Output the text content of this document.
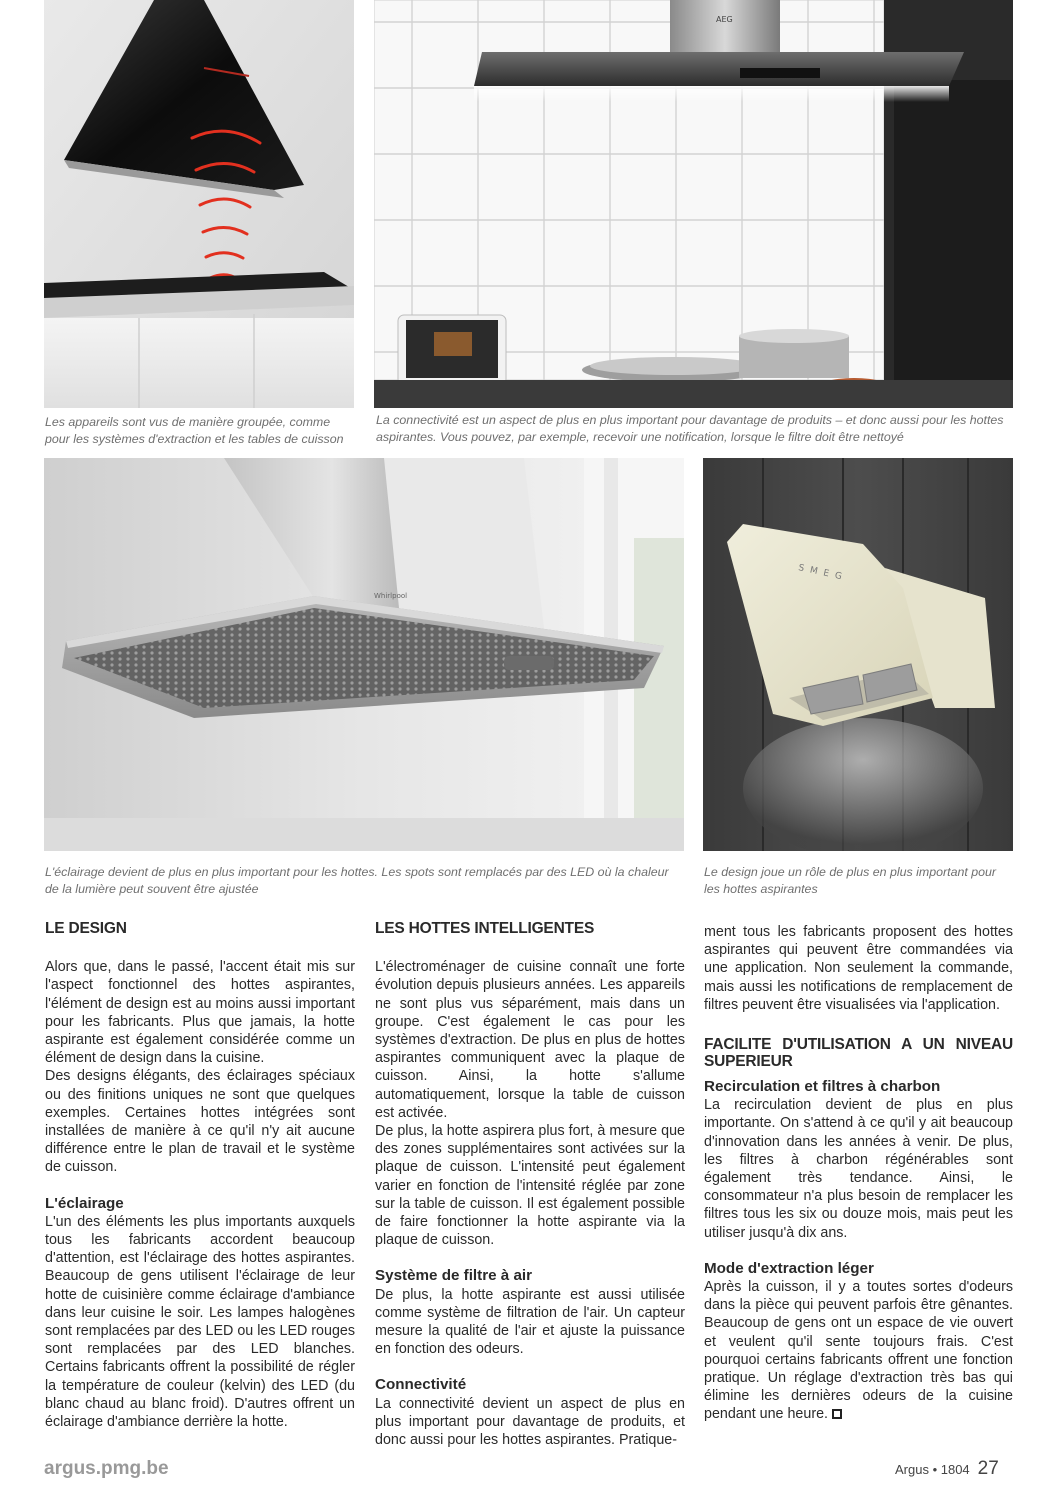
AEG

Les appareils sont vus de manière groupée, comme pour les systèmes d'extraction et les tables de cuisson

La connectivité est un aspect de plus en plus important pour davantage de produits – et donc aussi pour les hottes aspirantes. Vous pouvez, par exemple, recevoir une notification, lorsque le filtre doit être nettoyé

Whirlpool
SMEG

L'éclairage devient de plus en plus important pour les hottes. Les spots sont remplacés par des LED où la chaleur de la lumière peut souvent être ajustée

Le design joue un rôle de plus en plus important pour les hottes aspirantes

LE DESIGN

Alors que, dans le passé, l'accent était mis sur l'aspect fonctionnel des hottes aspirantes, l'élément de design est au moins aussi important pour les fabricants. Plus que jamais, la hotte aspirante est également considérée comme un élément de design dans la cuisine.

Des designs élégants, des éclairages spéciaux ou des finitions uniques ne sont que quelques exemples. Certaines hottes intégrées sont installées de manière à ce qu'il n'y ait aucune différence entre le plan de travail et le système de cuisson.

L'éclairage

L'un des éléments les plus importants auxquels tous les fabricants accordent beaucoup d'attention, est l'éclairage des hottes aspirantes. Beaucoup de gens utilisent l'éclairage de leur hotte de cuisinière comme éclairage d'ambiance dans leur cuisine le soir. Les lampes halogènes sont remplacées par des LED ou les LED rouges sont remplacées par des LED blanches. Certains fabricants offrent la possibilité de régler la température de couleur (kelvin) des LED (du blanc chaud au blanc froid). D'autres offrent un éclairage d'ambiance derrière la hotte.

LES HOTTES INTELLIGENTES

L'électroménager de cuisine connaît une forte évolution depuis plusieurs années. Les appareils ne sont plus vus séparément, mais dans un groupe. C'est également le cas pour les systèmes d'extraction. De plus en plus de hottes aspirantes communiquent avec la plaque de cuisson. Ainsi, la hotte s'allume automatiquement, lorsque la table de cuisson est activée.

De plus, la hotte aspirera plus fort, à mesure que des zones supplémentaires sont activées sur la plaque de cuisson. L'intensité peut également varier en fonction de l'intensité réglée par zone sur la table de cuisson. Il est également possible de faire fonctionner la hotte aspirante via la plaque de cuisson.

Système de filtre à air

De plus, la hotte aspirante est aussi utilisée comme système de filtration de l'air. Un capteur mesure la qualité de l'air et ajuste la puissance en fonction des odeurs.

Connectivité

La connectivité devient un aspect de plus en plus important pour davantage de produits, et donc aussi pour les hottes aspirantes. Pratique-

ment tous les fabricants proposent des hottes aspirantes qui peuvent être commandées via une application. Non seulement la commande, mais aussi les notifications de remplacement de filtres peuvent être visualisées via l'application.

FACILITE D'UTILISATION A UN NIVEAU SUPERIEUR
Recirculation et filtres à charbon

La recirculation devient de plus en plus importante. On s'attend à ce qu'il y ait beaucoup d'innovation dans les années à venir. De plus, les filtres à charbon régénérables sont également très tendance. Ainsi, le consommateur n'a plus besoin de remplacer les filtres tous les six ou douze mois, mais peut les utiliser jusqu'à dix ans.

Mode d'extraction léger

Après la cuisson, il y a toutes sortes d'odeurs dans la pièce qui peuvent parfois être gênantes. Beaucoup de gens ont un espace de vie ouvert et veulent qu'il sente toujours frais. C'est pourquoi certains fabricants offrent une fonction pratique. Un réglage d'extraction très bas qui élimine les dernières odeurs de la cuisine pendant une heure.

argus.pmg.be	Argus • 1804 27
